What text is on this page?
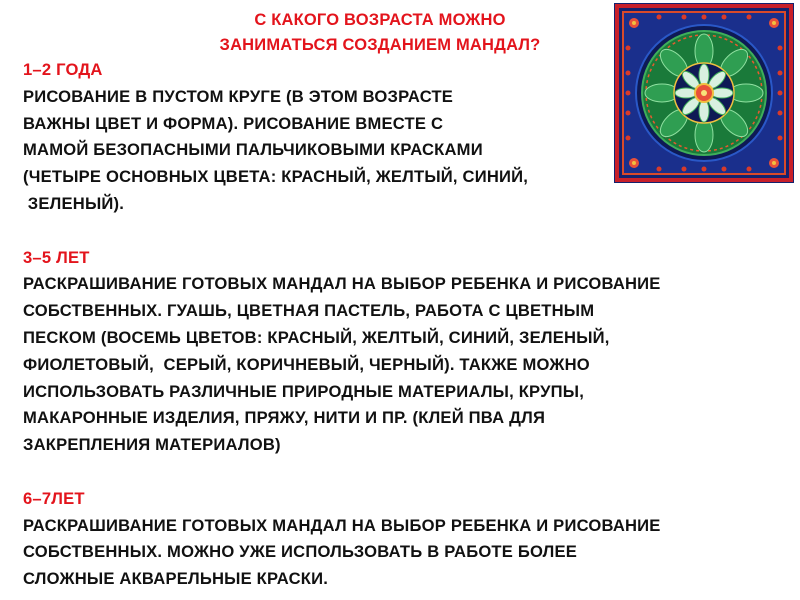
С КАКОГО ВОЗРАСТА МОЖНО
ЗАНИМАТЬСЯ СОЗДАНИЕМ МАНДАЛ?
1–2 ГОДА
РИСОВАНИЕ В ПУСТОМ КРУГЕ (В ЭТОМ ВОЗРАСТЕ
ВАЖНЫ ЦВЕТ И ФОРМА). РИСОВАНИЕ ВМЕСТЕ С
МАМОЙ БЕЗОПАСНЫМИ ПАЛЬЧИКОВЫМИ КРАСКАМИ
(ЧЕТЫРЕ ОСНОВНЫХ ЦВЕТА: КРАСНЫЙ, ЖЕЛТЫЙ, СИНИЙ,
ЗЕЛЕНЫЙ).
3–5 ЛЕТ
РАСКРАШИВАНИЕ ГОТОВЫХ МАНДАЛ НА ВЫБОР РЕБЕНКА И РИСОВАНИЕ
СОБСТВЕННЫХ. ГУАШЬ, ЦВЕТНАЯ ПАСТЕЛЬ, РАБОТА С ЦВЕТНЫМ
ПЕСКОМ (ВОСЕМЬ ЦВЕТОВ: КРАСНЫЙ, ЖЕЛТЫЙ, СИНИЙ, ЗЕЛЕНЫЙ,
ФИОЛЕТОВЫЙ,  СЕРЫЙ, КОРИЧНЕВЫЙ, ЧЕРНЫЙ). ТАКЖЕ МОЖНО
ИСПОЛЬЗОВАТЬ РАЗЛИЧНЫЕ ПРИРОДНЫЕ МАТЕРИАЛЫ, КРУПЫ,
МАКАРОННЫЕ ИЗДЕЛИЯ, ПРЯЖУ, НИТИ И ПР. (КЛЕЙ ПВА ДЛЯ
ЗАКРЕПЛЕНИЯ МАТЕРИАЛОВ)
6–7ЛЕТ
РАСКРАШИВАНИЕ ГОТОВЫХ МАНДАЛ НА ВЫБОР РЕБЕНКА И РИСОВАНИЕ
СОБСТВЕННЫХ. МОЖНО УЖЕ ИСПОЛЬЗОВАТЬ В РАБОТЕ БОЛЕЕ
СЛОЖНЫЕ АКВАРЕЛЬНЫЕ КРАСКИ.
